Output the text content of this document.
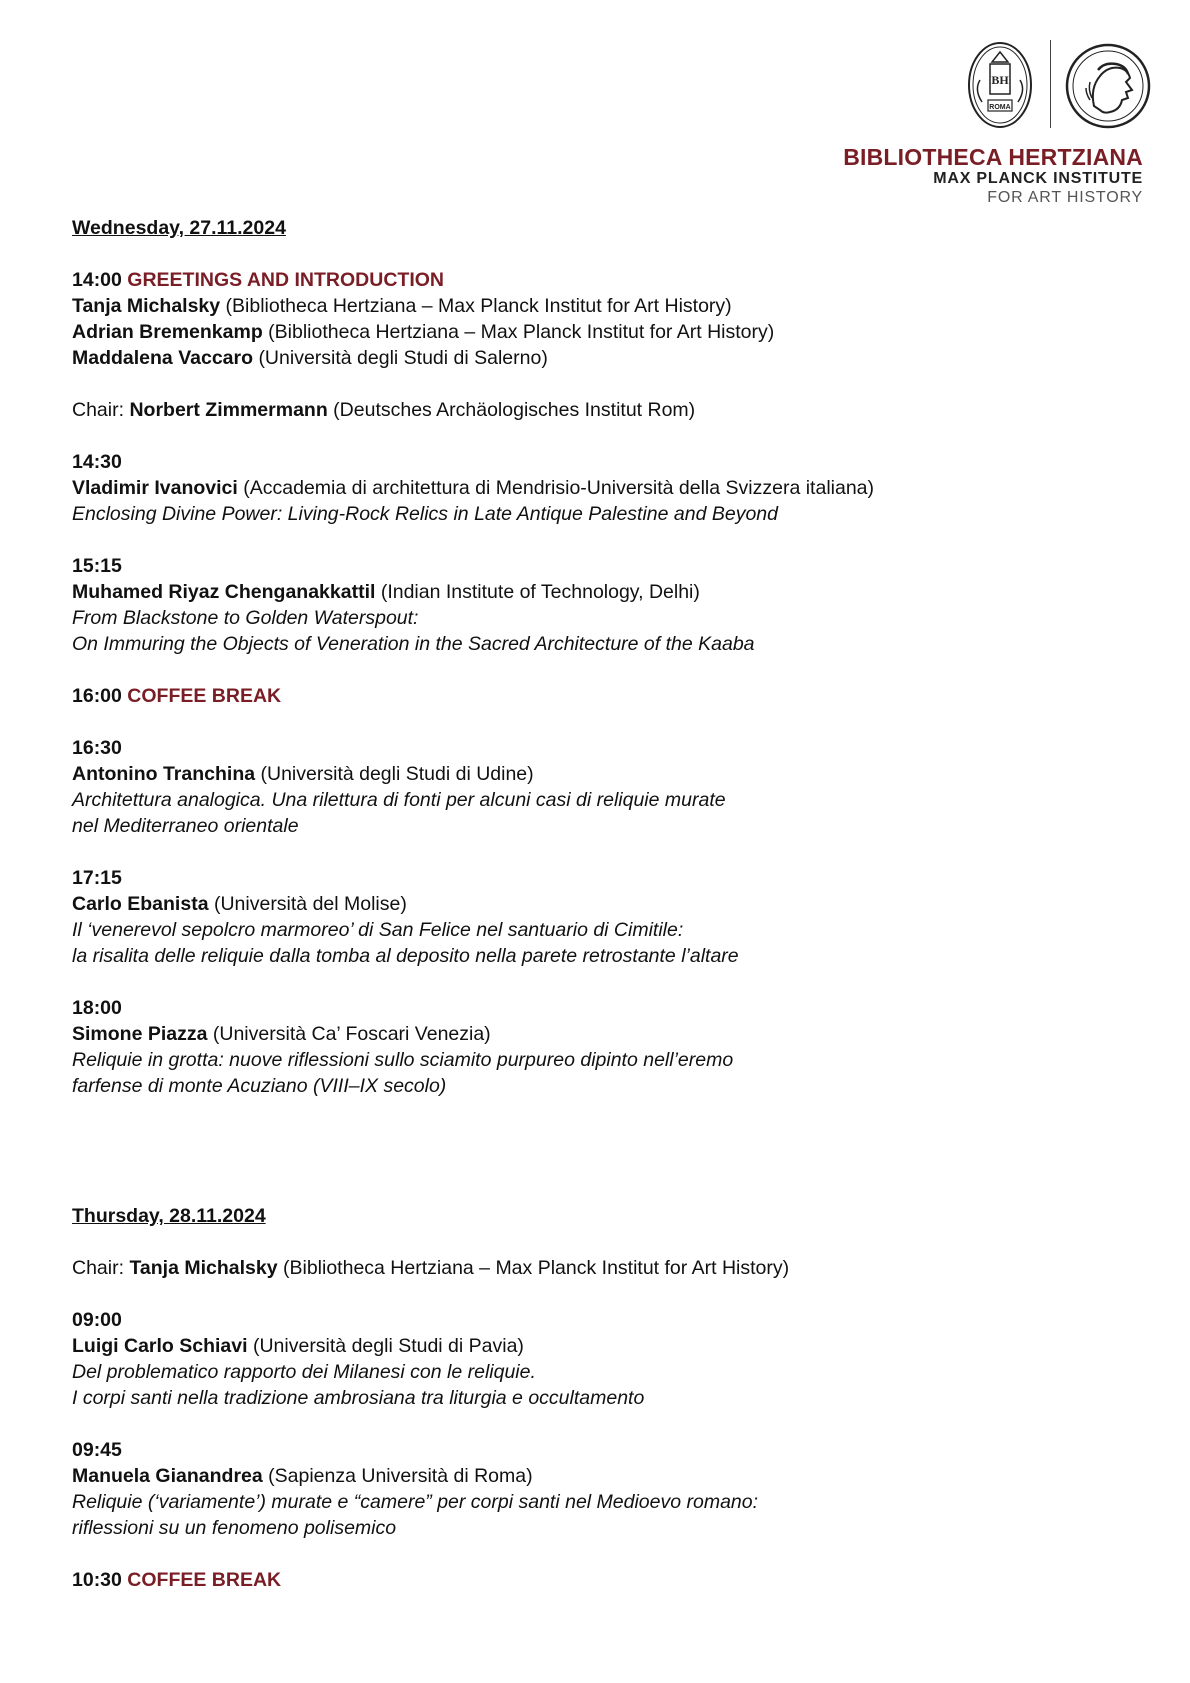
BH
ROMA
BIBLIOTHECA HERTZIANA
MAX PLANCK INSTITUTE
FOR ART HISTORY
Wednesday, 27.11.2024
14:00 GREETINGS AND INTRODUCTION
Tanja Michalsky (Bibliotheca Hertziana – Max Planck Institut for Art History)
Adrian Bremenkamp (Bibliotheca Hertziana – Max Planck Institut for Art History)
Maddalena Vaccaro (Università degli Studi di Salerno)
Chair: Norbert Zimmermann (Deutsches Archäologisches Institut Rom)
14:30
Vladimir Ivanovici (Accademia di architettura di Mendrisio-Università della Svizzera italiana)
Enclosing Divine Power: Living-Rock Relics in Late Antique Palestine and Beyond
15:15
Muhamed Riyaz Chenganakkattil (Indian Institute of Technology, Delhi)
From Blackstone to Golden Waterspout:
On Immuring the Objects of Veneration in the Sacred Architecture of the Kaaba
16:00 COFFEE BREAK
16:30
Antonino Tranchina (Università degli Studi di Udine)
Architettura analogica. Una rilettura di fonti per alcuni casi di reliquie murate
nel Mediterraneo orientale
17:15
Carlo Ebanista (Università del Molise)
Il ‘venerevol sepolcro marmoreo’ di San Felice nel santuario di Cimitile:
la risalita delle reliquie dalla tomba al deposito nella parete retrostante l’altare
18:00
Simone Piazza (Università Ca’ Foscari Venezia)
Reliquie in grotta: nuove riflessioni sullo sciamito purpureo dipinto nell’eremo
farfense di monte Acuziano (VIII–IX secolo)
Thursday, 28.11.2024
Chair: Tanja Michalsky (Bibliotheca Hertziana – Max Planck Institut for Art History)
09:00
Luigi Carlo Schiavi (Università degli Studi di Pavia)
Del problematico rapporto dei Milanesi con le reliquie.
I corpi santi nella tradizione ambrosiana tra liturgia e occultamento
09:45
Manuela Gianandrea (Sapienza Università di Roma)
Reliquie (‘variamente’) murate e “camere” per corpi santi nel Medioevo romano:
riflessioni su un fenomeno polisemico
10:30 COFFEE BREAK
